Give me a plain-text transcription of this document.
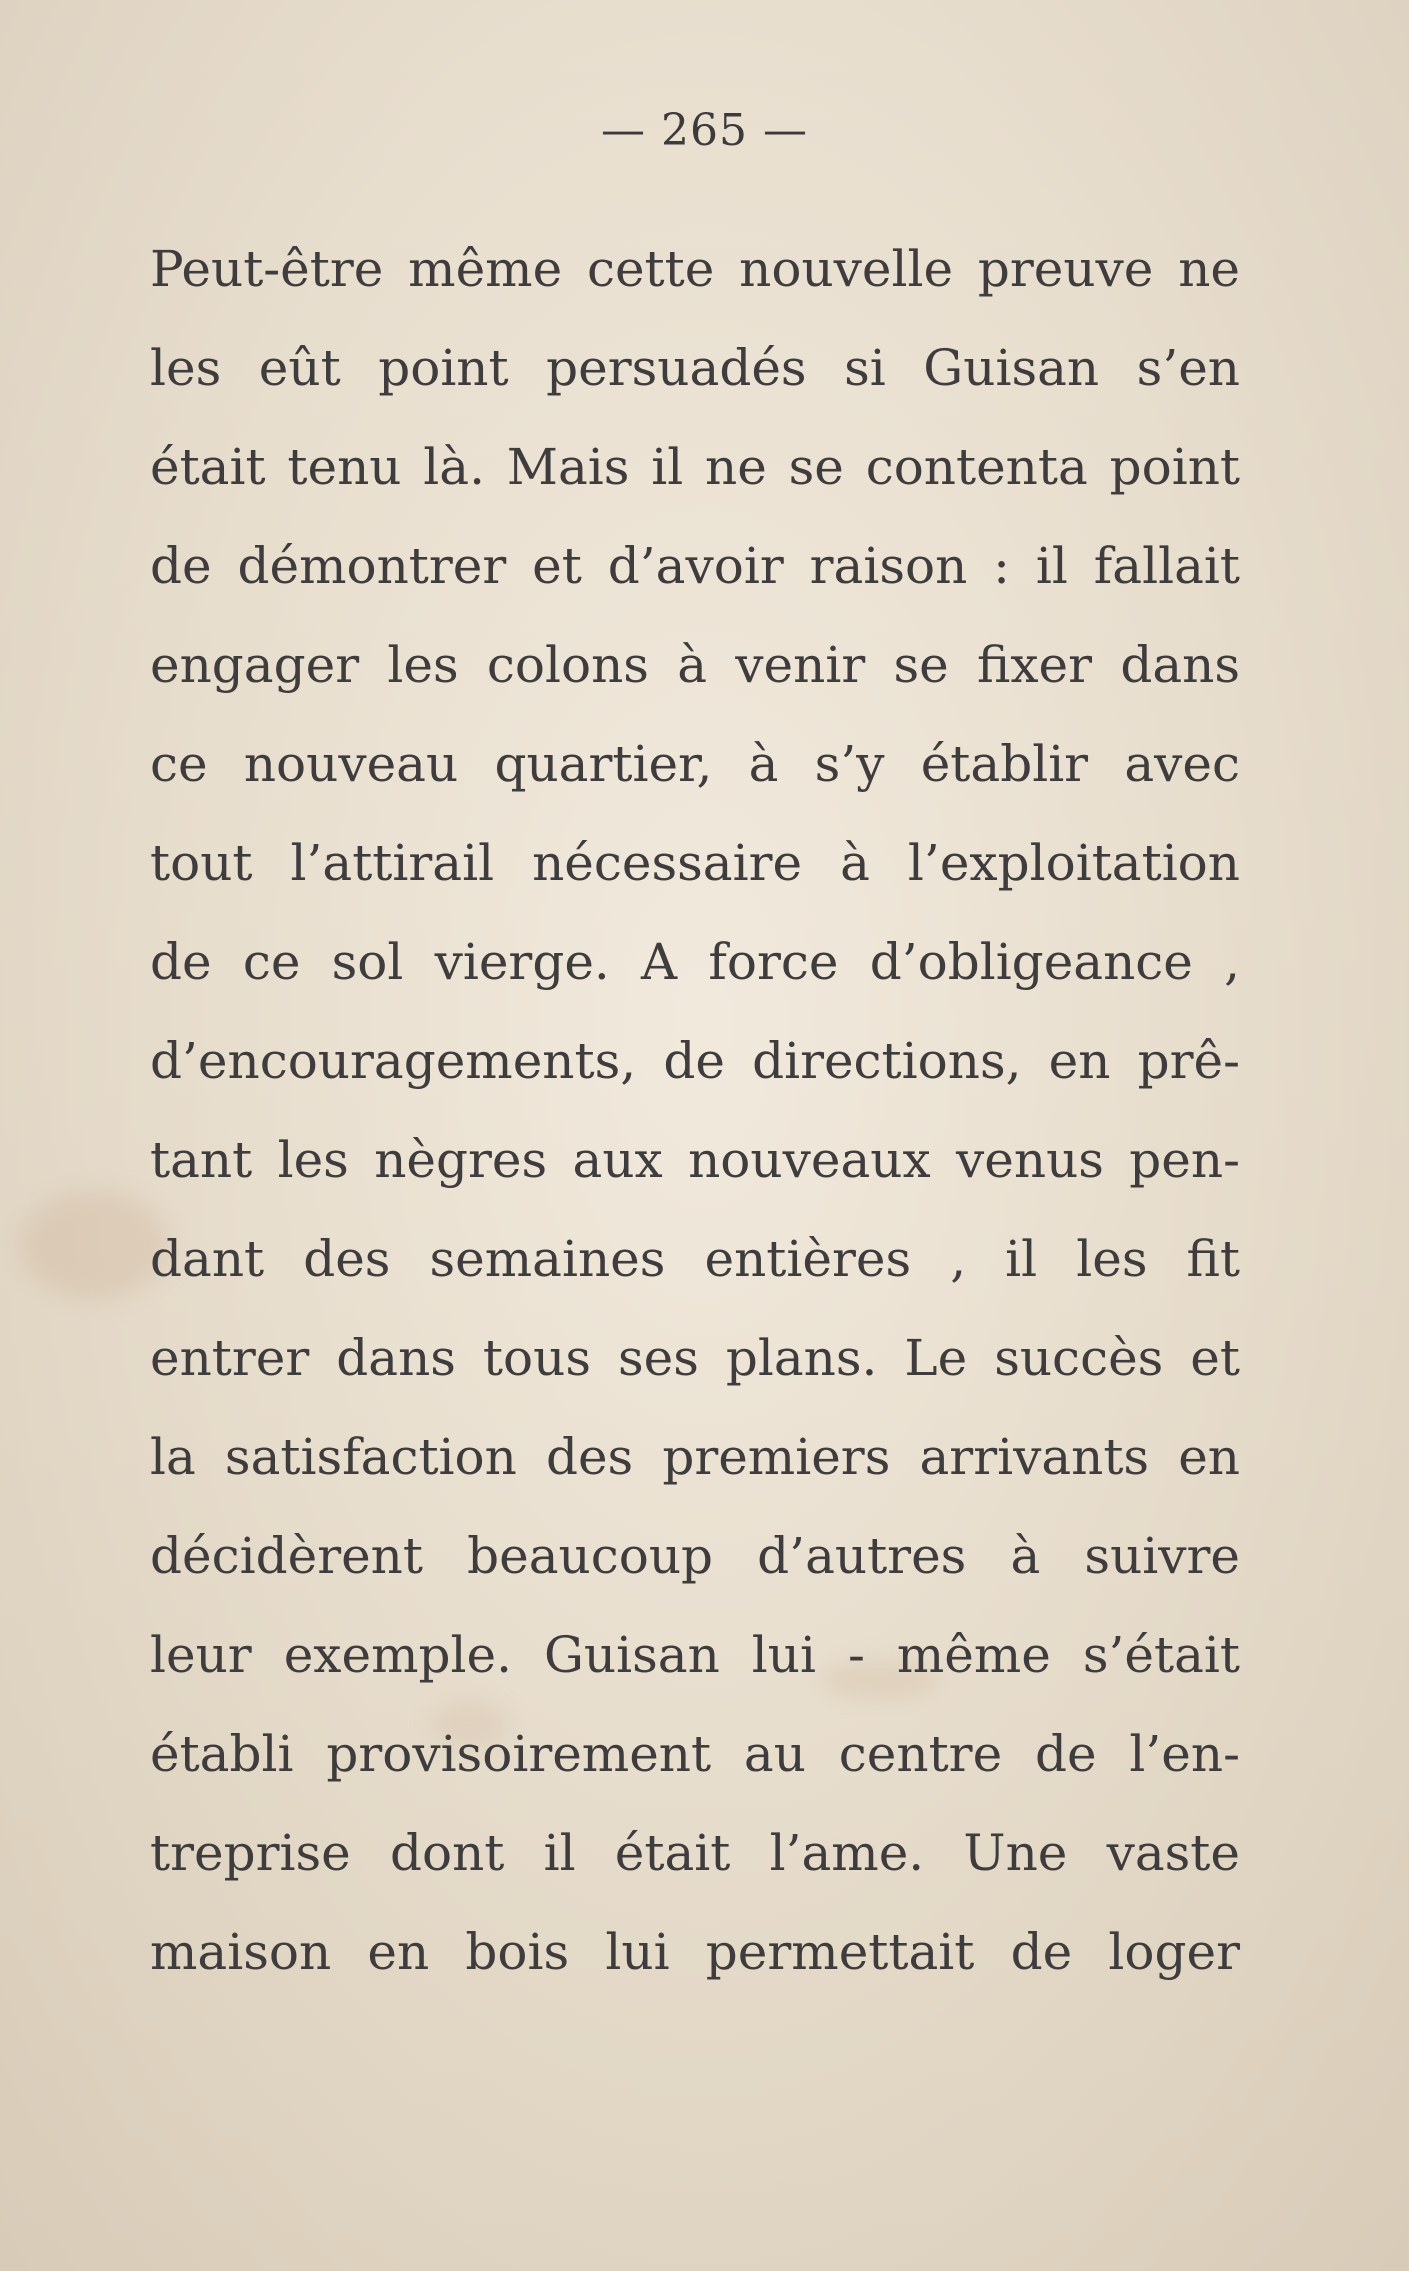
— 265 —
Peut-être même cette nouvelle preuve ne
les eût point persuadés si Guisan s’en
était tenu là. Mais il ne se contenta point
de démontrer et d’avoir raison : il fallait
engager les colons à venir se fixer dans
ce nouveau quartier, à s’y établir avec
tout l’attirail nécessaire à l’exploitation
de ce sol vierge. A force d’obligeance ,
d’encouragements, de directions, en prê-
tant les nègres aux nouveaux venus pen-
dant des semaines entières , il les fit
entrer dans tous ses plans. Le succès et
la satisfaction des premiers arrivants en
décidèrent beaucoup d’autres à suivre
leur exemple. Guisan lui - même s’était
établi provisoirement au centre de l’en-
treprise dont il était l’ame. Une vaste
maison en bois lui permettait de loger
